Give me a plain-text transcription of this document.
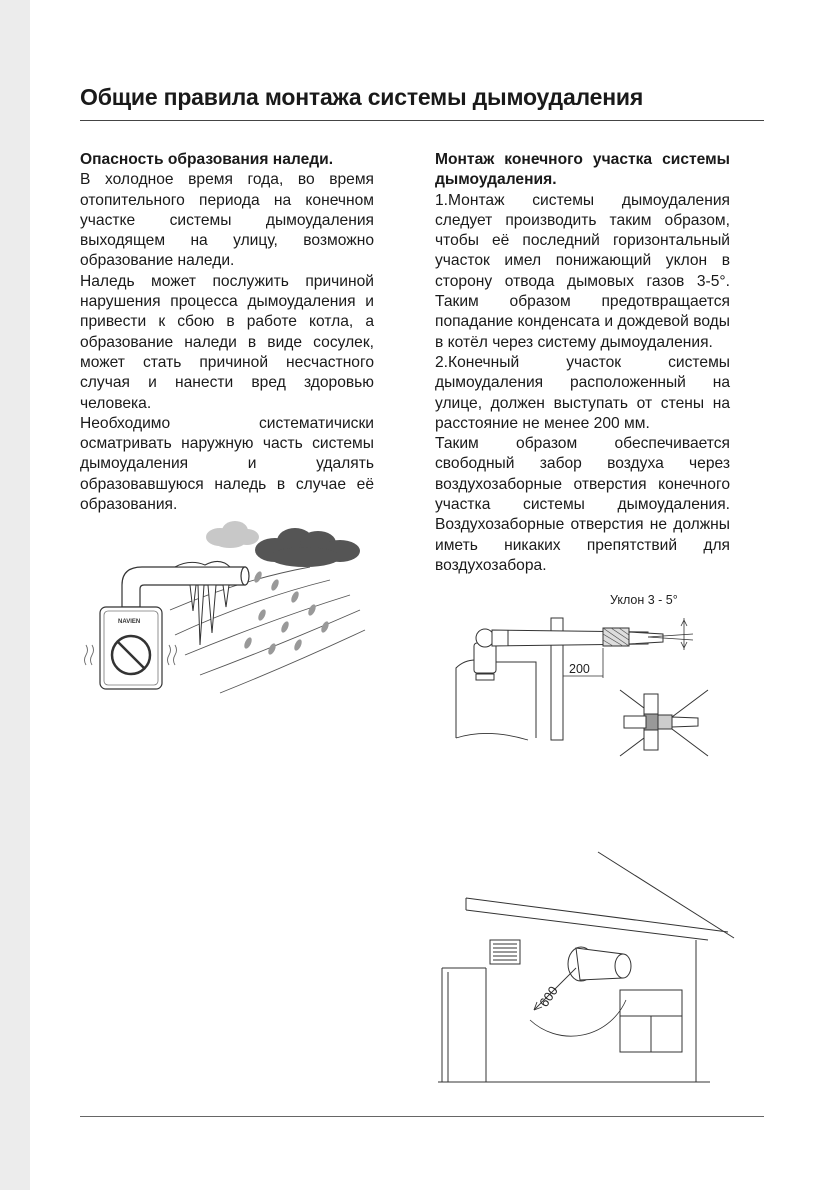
Общие правила монтажа системы дымоудаления
Опасность образования наледи.

В холодное время года, во время отопительного периода на конечном участке системы дымоудаления выходящем на улицу, возможно образование наледи.

Наледь может послужить причиной нарушения процесса дымоудаления и привести к сбою в работе котла, а образование наледи в виде сосулек, может стать причиной несчастного случая и нанести вред здоровью человека.

Необходимо систематичиски осматривать наружную часть системы дымоудаления и удалять образовавшуюся наледь в случае её образования.

Монтаж конечного участка системы дымоудаления.

1.Монтаж системы дымоудаления следует производить таким образом, чтобы её последний горизонтальный участок имел понижающий уклон в сторону отвода дымовых газов 3-5°. Таким образом предотвращается попадание конденсата и дождевой воды в котёл через систему дымоудаления.

2.Конечный участок системы дымоудаления расположенный на улице, должен выступать от стены на расстояние не менее 200 мм.

Таким образом обеспечивается свободный забор воздуха через воздухозаборные отверстия конечного участка системы дымоудаления. Воздухозаборные отверстия не должны иметь никаких препятствий для воздухозабора.

NAVIEN
Уклон 3 - 5°
200
600
